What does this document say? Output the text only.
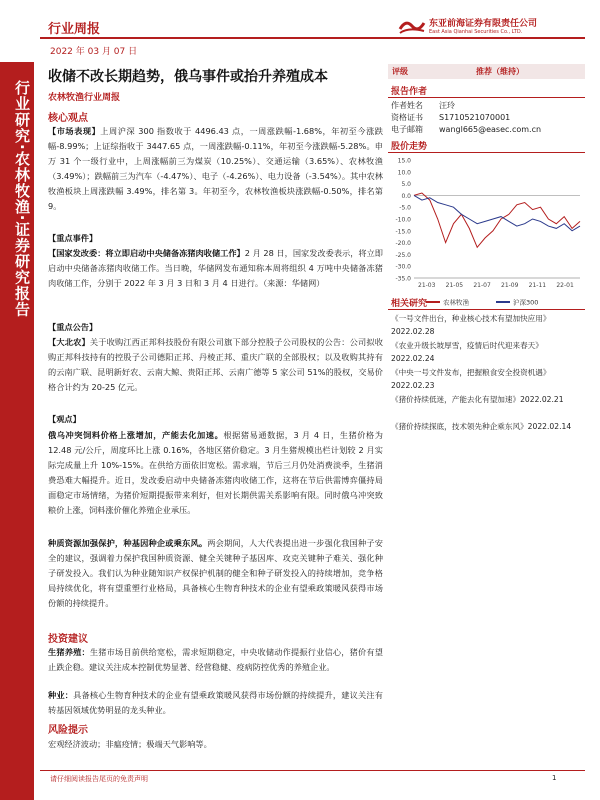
行业研究·农林牧渔·证券研究报告
行业周报	东亚前海证券有限责任公司
East Asia Qianhai Securities Co., LTD.
2022 年 03 月 07 日
收储不改长期趋势，俄乌事件或抬升养殖成本
农林牧渔行业周报
核心观点
【市场表现】上周沪深 300 指数收于 4496.43 点，一周涨跌幅-1.68%，年初至今涨跌幅-8.99%；上证综指收于 3447.65 点，一周涨跌幅-0.11%，年初至今涨跌幅-5.28%。申万 31 个一级行业中，上周涨幅前三为煤炭（10.25%）、交通运输（3.65%）、农林牧渔（3.49%）；跌幅前三为汽车（-4.47%）、电子（-4.26%）、电力设备（-3.54%）。其中农林牧渔板块上周涨跌幅 3.49%，排名第 3。年初至今，农林牧渔板块涨跌幅-0.50%，排名第 9。
【重点事件】
【国家发改委：将立即启动中央储备冻猪肉收储工作】2 月 28 日，国家发改委表示，将立即启动中央储备冻猪肉收储工作。当日晚，华储网发布通知称本周将组织 4 万吨中央储备冻猪肉收储工作，分别于 2022 年 3 月 3 日和 3 月 4 日进行。（来源：华储网）
【重点公告】
【大北农】关于收购江西正邦科技股份有限公司旗下部分控股子公司股权的公告：公司拟收购正邦科技持有的控股子公司德阳正邦、丹棱正邦、重庆广联的全部股权；以及收购其持有的云南广联、昆明新好农、云南大鲸、贵阳正邦、云南广德等 5 家公司 51%的股权，交易价格合计约为 20-25 亿元。
【观点】
俄乌冲突饲料价格上涨增加，产能去化加速。根据猪易通数据，3 月 4 日，生猪价格为 12.48 元/公斤，周度环比上涨 0.16%，各地区猪价稳定。3 月生猪规模出栏计划较 2 月实际完成量上升 10%-15%。在供给方面依旧宽松。需求端，节后三月仍处消费淡季，生猪消费恐难大幅提升。近日，发改委启动中央储备冻猪肉收储工作，这将在节后供需博弈僵持局面稳定市场情绪，为猪价短期提振带来利好，但对长期供需关系影响有限。同时俄乌冲突致粮价上涨，饲料涨价催化养殖企业承压。
种质资源加强保护，种基因种企或乘东风。两会期间，人大代表提出进一步强化我国种子安全的建议，强调着力保护我国种质资源、健全关键种子基因库、攻克关键种子难关、强化种子研发投入。我们认为种业随知识产权保护机制的健全和种子研发投入的持续增加，竞争格局持续优化，将有望重塑行业格局，具备核心生物育种技术的企业有望乘政策暖风获得市场份额的持续提升。
投资建议
生猪养殖：生猪市场目前供给宽松，需求短期稳定，中央收储动作提振行业信心，猪价有望止跌企稳。建议关注成本控制优势显著、经营稳健、疫病防控优秀的养殖企业。
种业：具备核心生物育种技术的企业有望乘政策暖风获得市场份额的持续提升，建议关注有转基因领域优势明显的龙头种业。
风险提示
宏观经济波动；非瘟疫情；极端天气影响等。
评级	推荐（维持）
报告作者
作者姓名 汪玲
资格证书 S1710521070001
电子邮箱 wangl665@easec.com.cn
股价走势
15.0
10.0
5.0
0.0
-5.0
-10.0
-15.0
-20.0
-25.0
-30.0
-35.0
21-03 21-05 21-07 21-09 21-11 22-01
农林牧渔	沪深300
相关研究
《一号文件出台，种业核心技术有望加快应用》2022.02.28
《农业升级长坡厚雪，疫情后时代迎来春天》2022.02.24
《中央一号文件发布，把握粮食安全投资机遇》2022.02.23
《猪价持续低迷，产能去化有望加速》2022.02.21
《猪价持续探底，技术领先种企乘东风》2022.02.14
请仔细阅读报告尾页的免责声明	1
